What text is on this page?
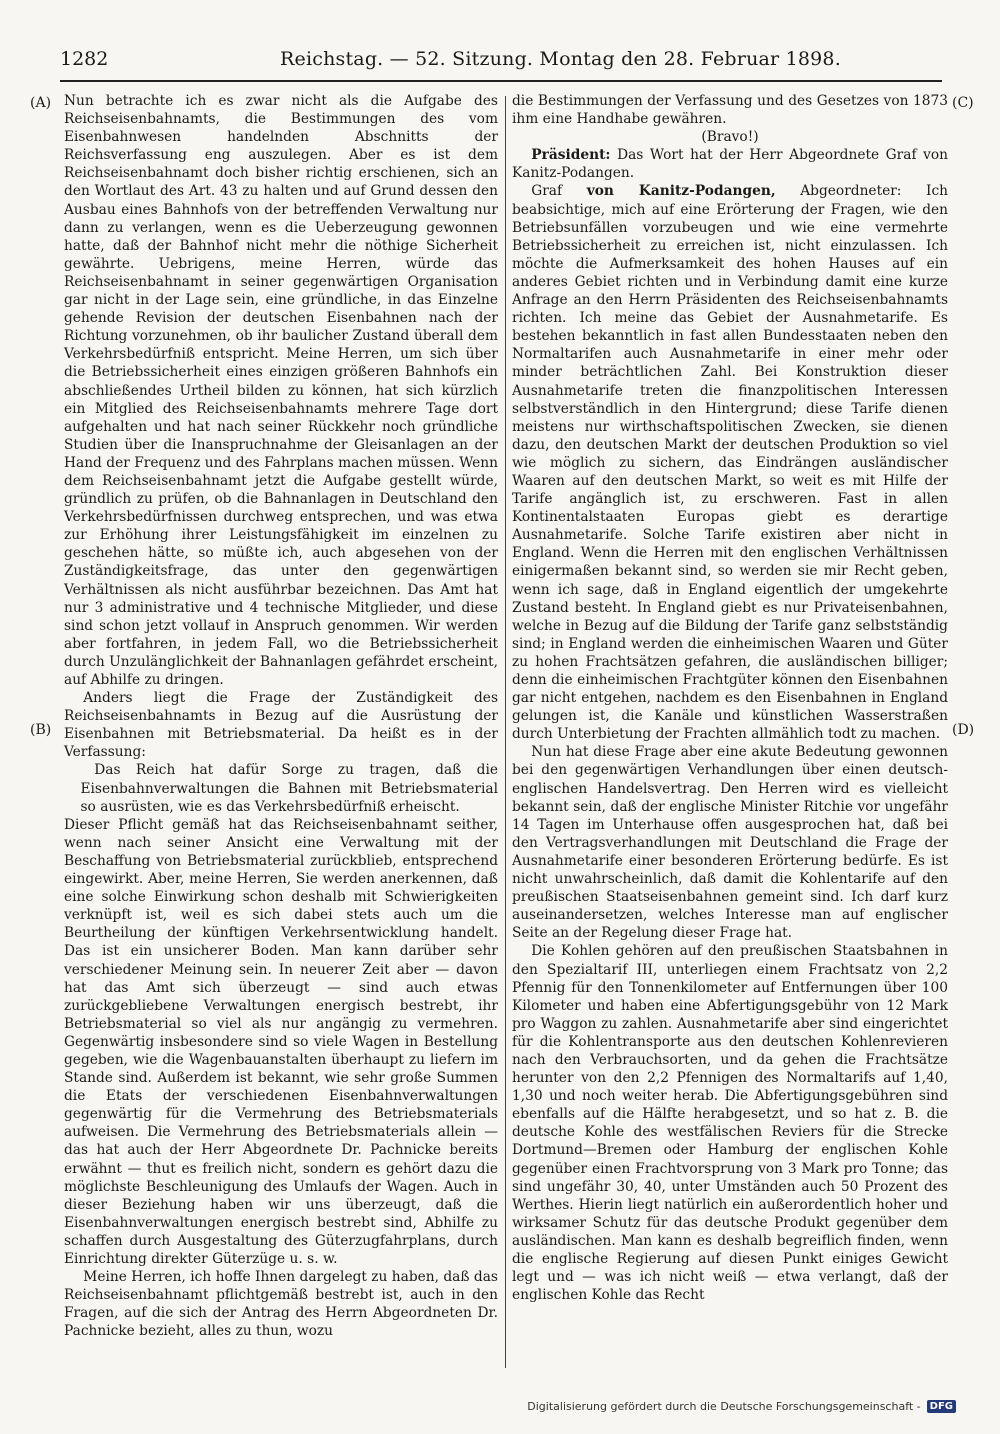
1282	Reichstag. — 52. Sitzung. Montag den 28. Februar 1898.
(A)
(B)
(C)
(D)

Nun betrachte ich es zwar nicht als die Aufgabe des Reichseisenbahnamts, die Bestimmungen des vom Eisenbahnwesen handelnden Abschnitts der Reichsverfassung eng auszulegen. Aber es ist dem Reichseisenbahnamt doch bisher richtig erschienen, sich an den Wortlaut des Art. 43 zu halten und auf Grund dessen den Ausbau eines Bahnhofs von der betreffenden Verwaltung nur dann zu verlangen, wenn es die Ueberzeugung gewonnen hatte, daß der Bahnhof nicht mehr die nöthige Sicherheit gewährte. Uebrigens, meine Herren, würde das Reichseisenbahnamt in seiner gegenwärtigen Organisation gar nicht in der Lage sein, eine gründliche, in das Einzelne gehende Revision der deutschen Eisenbahnen nach der Richtung vorzunehmen, ob ihr baulicher Zustand überall dem Verkehrsbedürfniß entspricht. Meine Herren, um sich über die Betriebssicherheit eines einzigen größeren Bahnhofs ein abschließendes Urtheil bilden zu können, hat sich kürzlich ein Mitglied des Reichseisenbahnamts mehrere Tage dort aufgehalten und hat nach seiner Rückkehr noch gründliche Studien über die Inanspruchnahme der Gleisanlagen an der Hand der Frequenz und des Fahrplans machen müssen. Wenn dem Reichseisenbahnamt jetzt die Aufgabe gestellt würde, gründlich zu prüfen, ob die Bahnanlagen in Deutschland den Verkehrsbedürfnissen durchweg entsprechen, und was etwa zur Erhöhung ihrer Leistungsfähigkeit im einzelnen zu geschehen hätte, so müßte ich, auch abgesehen von der Zuständigkeitsfrage, das unter den gegenwärtigen Verhältnissen als nicht ausführbar bezeichnen. Das Amt hat nur 3 administrative und 4 technische Mitglieder, und diese sind schon jetzt vollauf in Anspruch genommen. Wir werden aber fortfahren, in jedem Fall, wo die Betriebssicherheit durch Unzulänglichkeit der Bahnanlagen gefährdet erscheint, auf Abhilfe zu dringen.

Anders liegt die Frage der Zuständigkeit des Reichseisenbahnamts in Bezug auf die Ausrüstung der Eisenbahnen mit Betriebsmaterial. Da heißt es in der Verfassung:

Das Reich hat dafür Sorge zu tragen, daß die Eisenbahnverwaltungen die Bahnen mit Betriebsmaterial so ausrüsten, wie es das Verkehrsbedürfniß erheischt.

Dieser Pflicht gemäß hat das Reichseisenbahnamt seither, wenn nach seiner Ansicht eine Verwaltung mit der Beschaffung von Betriebsmaterial zurückblieb, entsprechend eingewirkt. Aber, meine Herren, Sie werden anerkennen, daß eine solche Einwirkung schon deshalb mit Schwierigkeiten verknüpft ist, weil es sich dabei stets auch um die Beurtheilung der künftigen Verkehrsentwicklung handelt. Das ist ein unsicherer Boden. Man kann darüber sehr verschiedener Meinung sein. In neuerer Zeit aber — davon hat das Amt sich überzeugt — sind auch etwas zurückgebliebene Verwaltungen energisch bestrebt, ihr Betriebsmaterial so viel als nur angängig zu vermehren. Gegenwärtig insbesondere sind so viele Wagen in Bestellung gegeben, wie die Wagenbauanstalten überhaupt zu liefern im Stande sind. Außerdem ist bekannt, wie sehr große Summen die Etats der verschiedenen Eisenbahnverwaltungen gegenwärtig für die Vermehrung des Betriebsmaterials aufweisen. Die Vermehrung des Betriebsmaterials allein — das hat auch der Herr Abgeordnete Dr. Pachnicke bereits erwähnt — thut es freilich nicht, sondern es gehört dazu die möglichste Beschleunigung des Umlaufs der Wagen. Auch in dieser Beziehung haben wir uns überzeugt, daß die Eisenbahnverwaltungen energisch bestrebt sind, Abhilfe zu schaffen durch Ausgestaltung des Güterzugfahrplans, durch Einrichtung direkter Güterzüge u. s. w.

Meine Herren, ich hoffe Ihnen dargelegt zu haben, daß das Reichseisenbahnamt pflichtgemäß bestrebt ist, auch in den Fragen, auf die sich der Antrag des Herrn Abgeordneten Dr. Pachnicke bezieht, alles zu thun, wozu

die Bestimmungen der Verfassung und des Gesetzes von 1873 ihm eine Handhabe gewähren.

(Bravo!)

Präsident: Das Wort hat der Herr Abgeordnete Graf von Kanitz-Podangen.

Graf von Kanitz-Podangen, Abgeordneter: Ich beabsichtige, mich auf eine Erörterung der Fragen, wie den Betriebsunfällen vorzubeugen und wie eine vermehrte Betriebssicherheit zu erreichen ist, nicht einzulassen. Ich möchte die Aufmerksamkeit des hohen Hauses auf ein anderes Gebiet richten und in Verbindung damit eine kurze Anfrage an den Herrn Präsidenten des Reichseisenbahnamts richten. Ich meine das Gebiet der Ausnahmetarife. Es bestehen bekanntlich in fast allen Bundesstaaten neben den Normaltarifen auch Ausnahmetarife in einer mehr oder minder beträchtlichen Zahl. Bei Konstruktion dieser Ausnahmetarife treten die finanzpolitischen Interessen selbstverständlich in den Hintergrund; diese Tarife dienen meistens nur wirthschaftspolitischen Zwecken, sie dienen dazu, den deutschen Markt der deutschen Produktion so viel wie möglich zu sichern, das Eindrängen ausländischer Waaren auf den deutschen Markt, so weit es mit Hilfe der Tarife angänglich ist, zu erschweren. Fast in allen Kontinentalstaaten Europas giebt es derartige Ausnahmetarife. Solche Tarife existiren aber nicht in England. Wenn die Herren mit den englischen Verhältnissen einigermaßen bekannt sind, so werden sie mir Recht geben, wenn ich sage, daß in England eigentlich der umgekehrte Zustand besteht. In England giebt es nur Privateisenbahnen, welche in Bezug auf die Bildung der Tarife ganz selbstständig sind; in England werden die einheimischen Waaren und Güter zu hohen Frachtsätzen gefahren, die ausländischen billiger; denn die einheimischen Frachtgüter können den Eisenbahnen gar nicht entgehen, nachdem es den Eisenbahnen in England gelungen ist, die Kanäle und künstlichen Wasserstraßen durch Unterbietung der Frachten allmählich todt zu machen.

Nun hat diese Frage aber eine akute Bedeutung gewonnen bei den gegenwärtigen Verhandlungen über einen deutsch-englischen Handelsvertrag. Den Herren wird es vielleicht bekannt sein, daß der englische Minister Ritchie vor ungefähr 14 Tagen im Unterhause offen ausgesprochen hat, daß bei den Vertragsverhandlungen mit Deutschland die Frage der Ausnahmetarife einer besonderen Erörterung bedürfe. Es ist nicht unwahrscheinlich, daß damit die Kohlentarife auf den preußischen Staatseisenbahnen gemeint sind. Ich darf kurz auseinandersetzen, welches Interesse man auf englischer Seite an der Regelung dieser Frage hat.

Die Kohlen gehören auf den preußischen Staatsbahnen in den Spezialtarif III, unterliegen einem Frachtsatz von 2,2 Pfennig für den Tonnenkilometer auf Entfernungen über 100 Kilometer und haben eine Abfertigungsgebühr von 12 Mark pro Waggon zu zahlen. Ausnahmetarife aber sind eingerichtet für die Kohlentransporte aus den deutschen Kohlenrevieren nach den Verbrauchsorten, und da gehen die Frachtsätze herunter von den 2,2 Pfennigen des Normaltarifs auf 1,40, 1,30 und noch weiter herab. Die Abfertigungsgebühren sind ebenfalls auf die Hälfte herabgesetzt, und so hat z. B. die deutsche Kohle des westfälischen Reviers für die Strecke Dortmund—Bremen oder Hamburg der englischen Kohle gegenüber einen Frachtvorsprung von 3 Mark pro Tonne; das sind ungefähr 30, 40, unter Umständen auch 50 Prozent des Werthes. Hierin liegt natürlich ein außerordentlich hoher und wirksamer Schutz für das deutsche Produkt gegenüber dem ausländischen. Man kann es deshalb begreiflich finden, wenn die englische Regierung auf diesen Punkt einiges Gewicht legt und — was ich nicht weiß — etwa verlangt, daß der englischen Kohle das Recht

Digitalisierung gefördert durch die Deutsche Forschungsgemeinschaft - DFG
